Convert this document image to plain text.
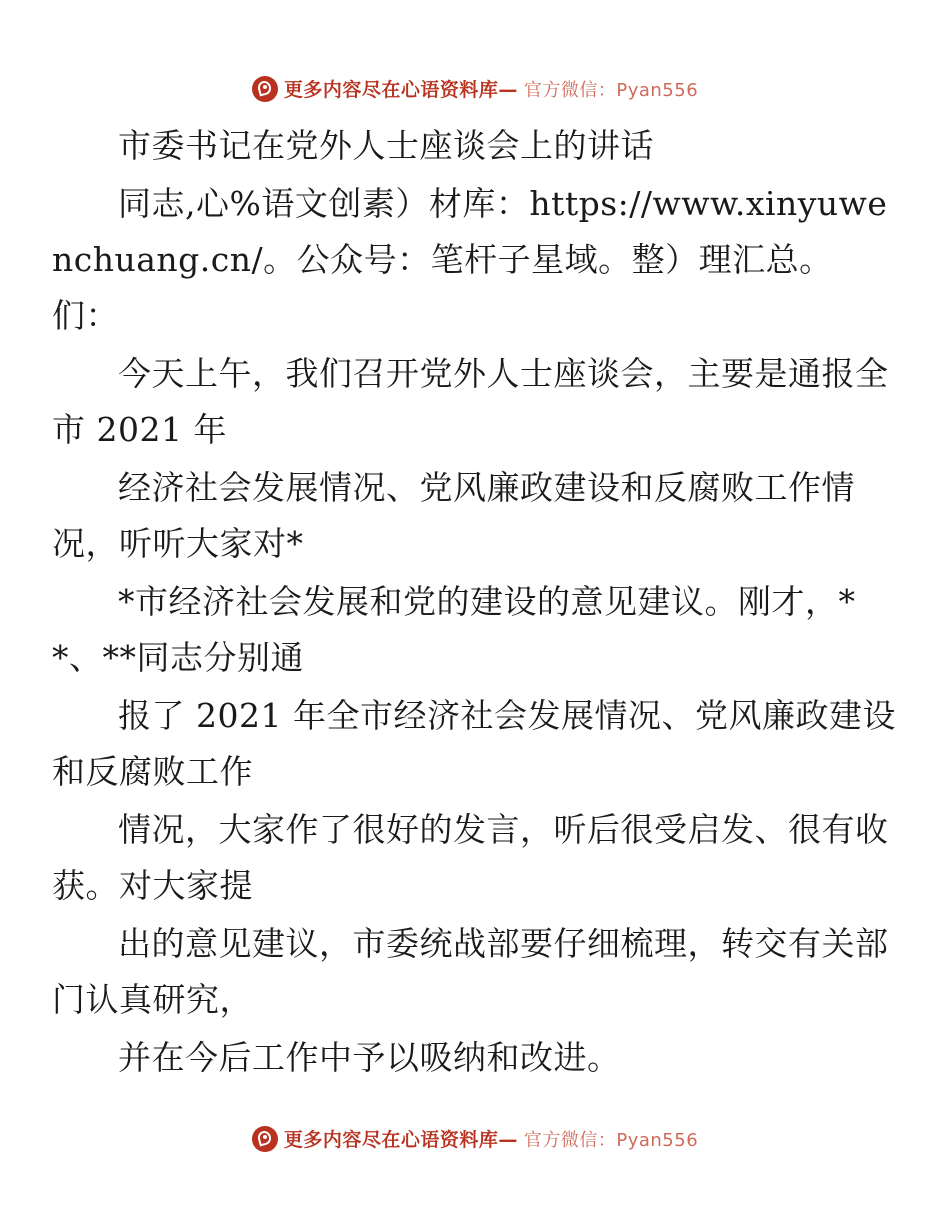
更多内容尽在心语资料库— 官方微信：Pyan556

市委书记在党外人士座谈会上的讲话

同志,心%语文创素）材库：https://www.xinyuwenchuang.cn/。公众号：笔杆子星域。整）理汇总。们：

今天上午，我们召开党外人士座谈会，主要是通报全市 2021 年

经济社会发展情况、党风廉政建设和反腐败工作情况，听听大家对*

*市经济社会发展和党的建设的意见建议。刚才，**、**同志分别通

报了 2021 年全市经济社会发展情况、党风廉政建设和反腐败工作

情况，大家作了很好的发言，听后很受启发、很有收获。对大家提

出的意见建议，市委统战部要仔细梳理，转交有关部门认真研究，

并在今后工作中予以吸纳和改进。

更多内容尽在心语资料库— 官方微信：Pyan556
